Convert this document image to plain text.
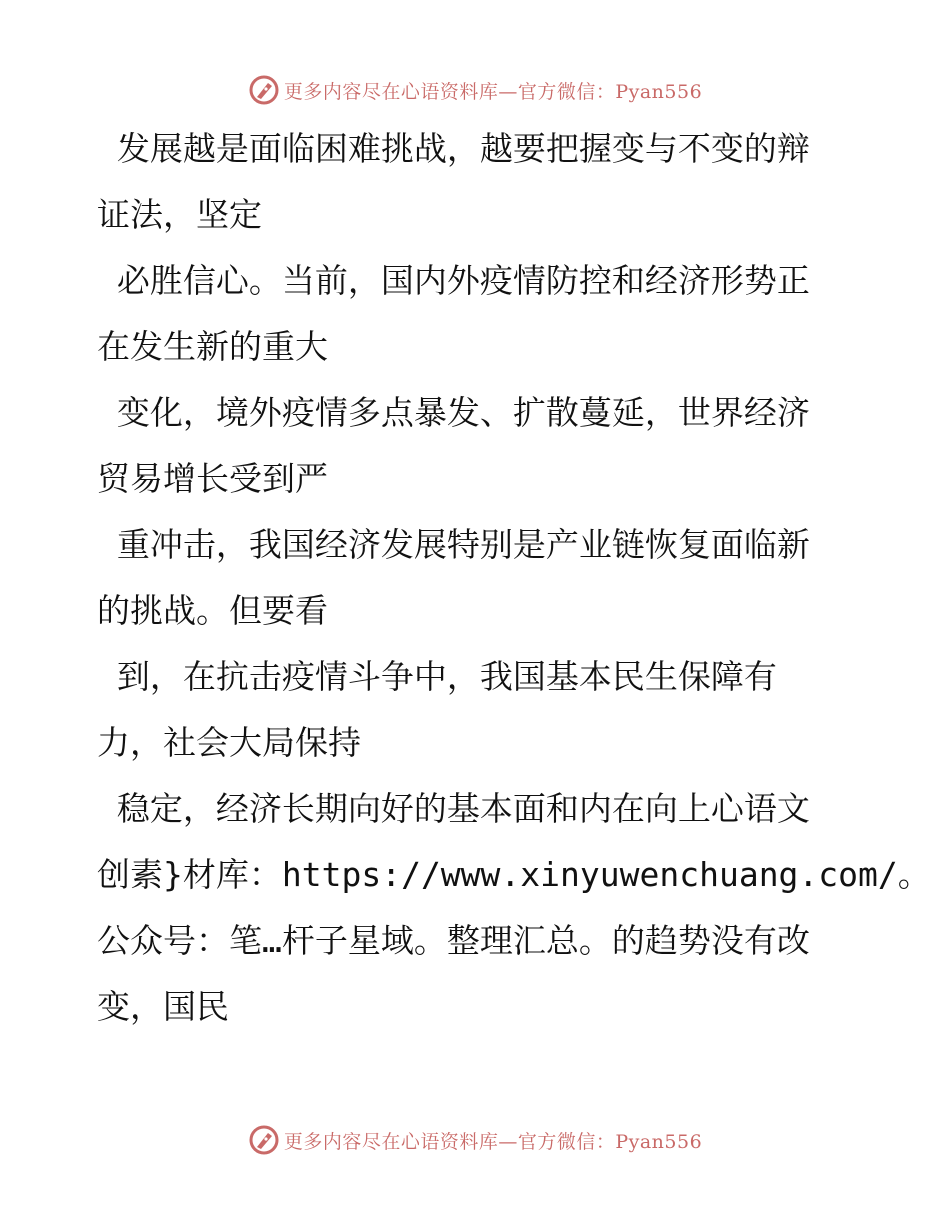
更多内容尽在心语资料库—官方微信：Pyan556
发展越是面临困难挑战，越要把握变与不变的辩
证法，坚定
必胜信心。当前，国内外疫情防控和经济形势正
在发生新的重大
变化，境外疫情多点暴发、扩散蔓延，世界经济
贸易增长受到严
重冲击，我国经济发展特别是产业链恢复面临新
的挑战。但要看
到，在抗击疫情斗争中，我国基本民生保障有
力，社会大局保持
稳定，经济长期向好的基本面和内在向上心语文
创素}材库：https://www.xinyuwenchuang.com/。
公众号：笔…杆子星域。整理汇总。的趋势没有改
变，国民
更多内容尽在心语资料库—官方微信：Pyan556
